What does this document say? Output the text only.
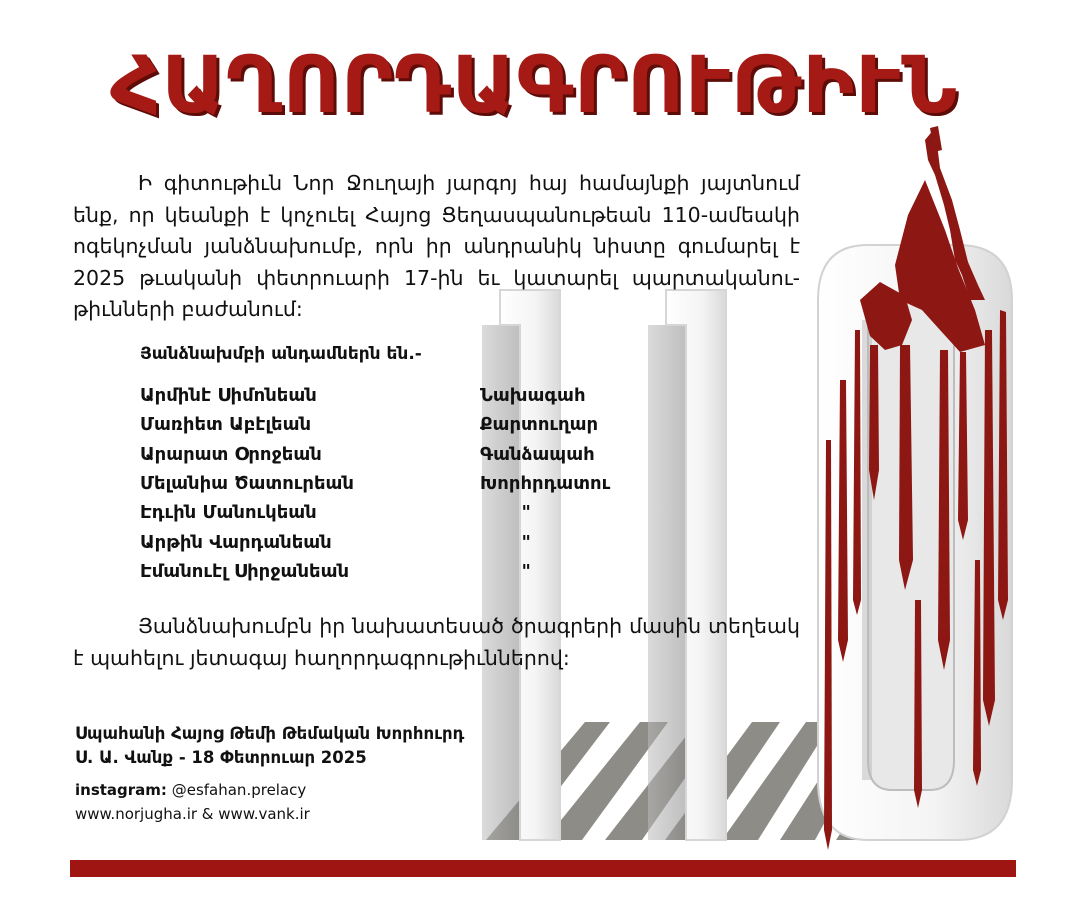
ՀԱՂՈՐԴԱԳՐՈՒԹԻՒՆ

Ի գիտութիւն Նոր Ջուղայի յարգոյ հայ համայնքի յայտնում ենք, որ կեանքի է կոչուել Հայոց Ցեղասպանութեան 110-ամեակի ոգեկոչման յանձնախումբ, որն իր անդրանիկ նիստը գումարել է 2025 թւականի փետրուարի 17-ին եւ կատարել պարտականու-թիւնների բաժանում:

Յանձնախմբի անդամներն են.-

Արմինէ Սիմոնեան	Նախագահ
Մառիետ Աբէլեան	Քարտուղար
Արարատ Օրոջեան	Գանձապահ
Մելանիա Ծատուրեան	Խորհրդատու
Էդւին Մանուկեան	"
Արթին Վարդանեան	"
Էմանուէլ Սիրջանեան	"

Յանձնախումբն իր նախատեսած ծրագրերի մասին տեղեակ է պահելու յետագայ հաղորդագրութիւններով:

Սպահանի Հայոց Թեմի Թեմական Խորհուրդ
Ս. Ա. Վանք - 18 Փետրուար 2025
instagram: @esfahan.prelacy
www.norjugha.ir & www.vank.ir
